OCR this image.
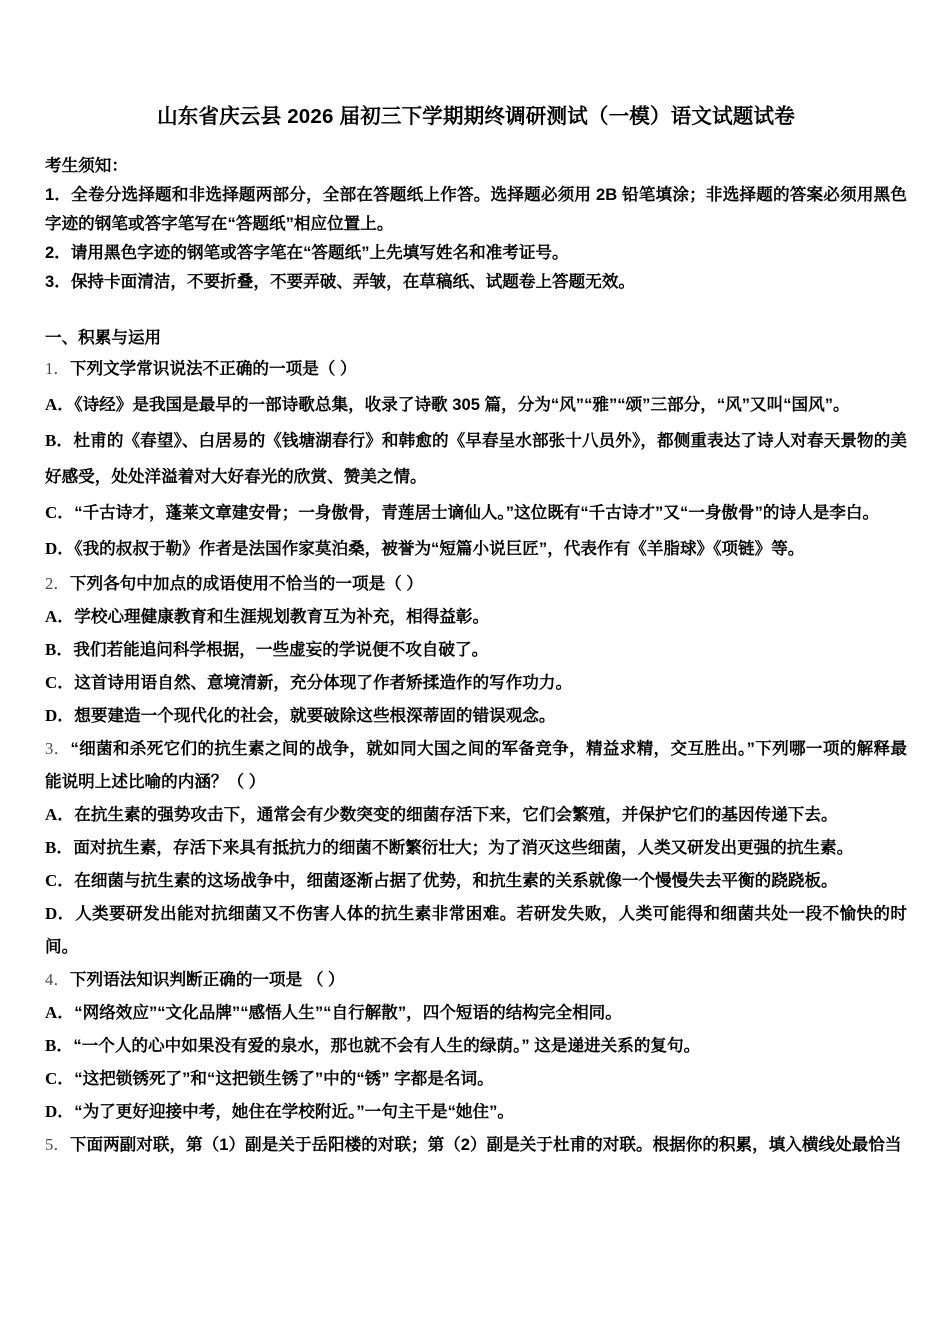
山东省庆云县 2026 届初三下学期期终调研测试（一模）语文试题试卷
考生须知：
1．全卷分选择题和非选择题两部分，全部在答题纸上作答。选择题必须用 2B 铅笔填涂；非选择题的答案必须用黑色字迹的钢笔或答字笔写在“答题纸”相应位置上。
2．请用黑色字迹的钢笔或答字笔在“答题纸”上先填写姓名和准考证号。
3．保持卡面清洁，不要折叠，不要弄破、弄皱，在草稿纸、试题卷上答题无效。
一、积累与运用
1．下列文学常识说法不正确的一项是（ ）
A．《诗经》是我国是最早的一部诗歌总集，收录了诗歌 305 篇，分为“风”“雅”“颂”三部分，“风”又叫“国风”。
B．杜甫的《春望》、白居易的《钱塘湖春行》和韩愈的《早春呈水部张十八员外》，都侧重表达了诗人对春天景物的美好感受，处处洋溢着对大好春光的欣赏、赞美之情。
C．“千古诗才，蓬莱文章建安骨；一身傲骨，青莲居士谪仙人。”这位既有“千古诗才”又“一身傲骨”的诗人是李白。
D．《我的叔叔于勒》作者是法国作家莫泊桑，被誉为“短篇小说巨匠”，代表作有《羊脂球》《项链》等。
2．下列各句中加点的成语使用不恰当的一项是（ ）
A．学校心理健康教育和生涯规划教育互为补充，相得益彰。
B．我们若能追问科学根据，一些虚妄的学说便不攻自破了。
C．这首诗用语自然、意境清新，充分体现了作者矫揉造作的写作功力。
D．想要建造一个现代化的社会，就要破除这些根深蒂固的错误观念。
3．“细菌和杀死它们的抗生素之间的战争，就如同大国之间的军备竞争，精益求精，交互胜出。”下列哪一项的解释最能说明上述比喻的内涵？（ ）
A．在抗生素的强势攻击下，通常会有少数突变的细菌存活下来，它们会繁殖，并保护它们的基因传递下去。
B．面对抗生素，存活下来具有抵抗力的细菌不断繁衍壮大；为了消灭这些细菌，人类又研发出更强的抗生素。
C．在细菌与抗生素的这场战争中，细菌逐渐占据了优势，和抗生素的关系就像一个慢慢失去平衡的跷跷板。
D．人类要研发出能对抗细菌又不伤害人体的抗生素非常困难。若研发失败，人类可能得和细菌共处一段不愉快的时间。
4．下列语法知识判断正确的一项是 （ ）
A．“网络效应”“文化品牌”“感悟人生”“自行解散”，四个短语的结构完全相同。
B．“一个人的心中如果没有爱的泉水，那也就不会有人生的绿荫。” 这是递进关系的复句。
C．“这把锁锈死了”和“这把锁生锈了”中的“锈” 字都是名词。
D．“为了更好迎接中考，她住在学校附近。”一句主干是“她住”。
5．下面两副对联，第（1）副是关于岳阳楼的对联；第（2）副是关于杜甫的对联。根据你的积累，填入横线处最恰当
